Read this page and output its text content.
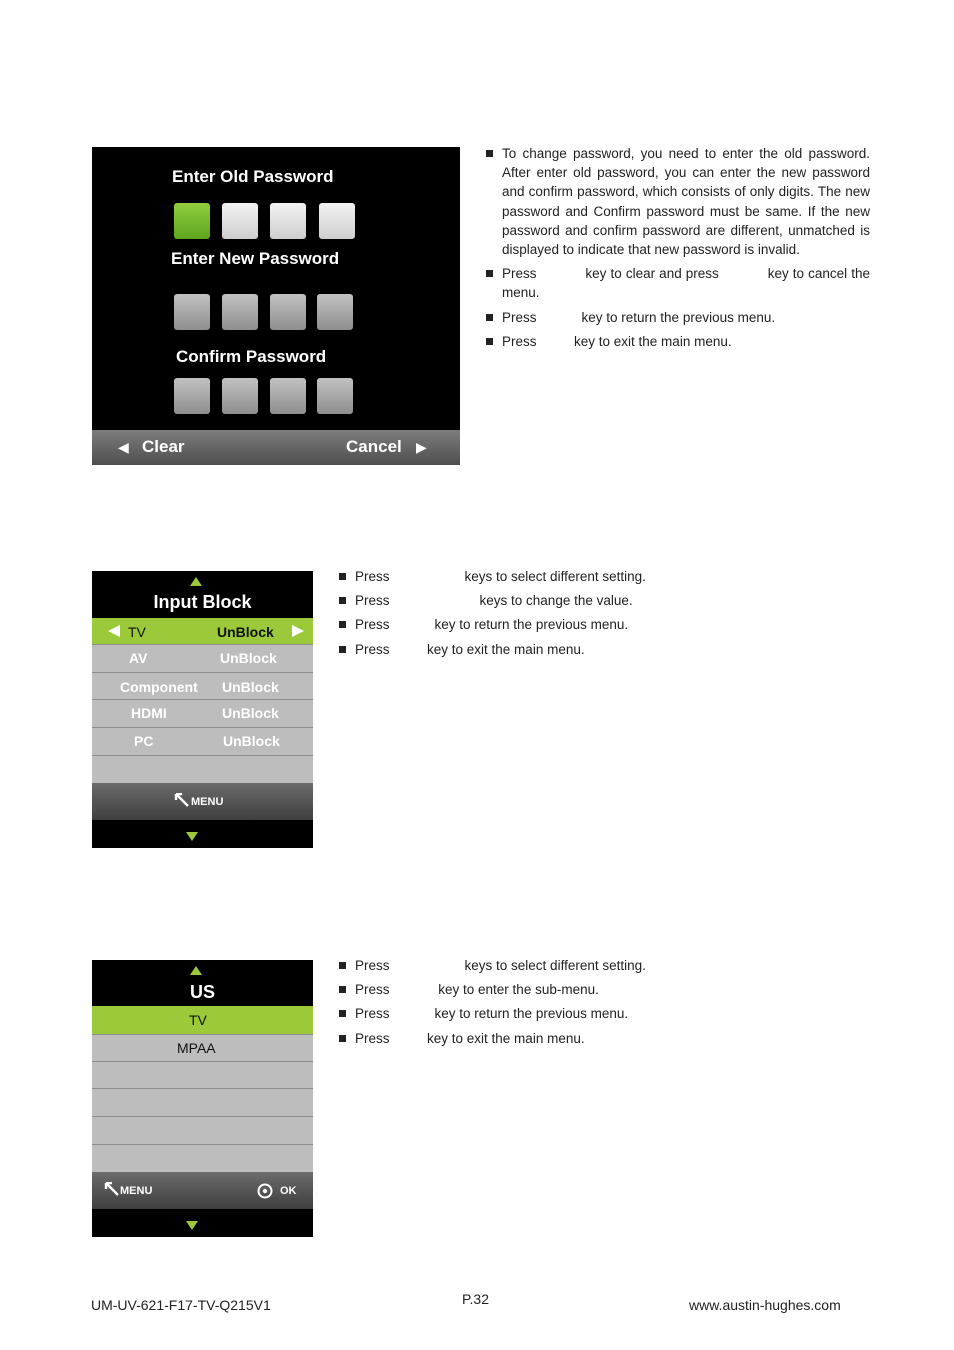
Enter Old Password
Enter New Password
Confirm Password
◀ Clear	Cancel ▶
To change password, you need to enter the old password. After enter old password, you can enter the new password and confirm password, which consists of only digits. The new password and Confirm password must be same. If the new password and confirm password are different, unmatched is displayed to indicate that new password is invalid.
Press            key to clear and press            key to cancel the menu.
Press            key to return the previous menu.
Press          key to exit the main menu.
Input Block
TV	UnBlock
AV	UnBlock
Component UnBlock
HDMI	UnBlock
PC	UnBlock
MENU
Press                    keys to select different setting.
Press                        keys to change the value.
Press            key to return the previous menu.
Press          key to exit the main menu.
US
TV
MPAA
MENU	OK
Press                    keys to select different setting.
Press             key to enter the sub-menu.
Press            key to return the previous menu.
Press          key to exit the main menu.
UM-UV-621-F17-TV-Q215V1	P.32	www.austin-hughes.com
